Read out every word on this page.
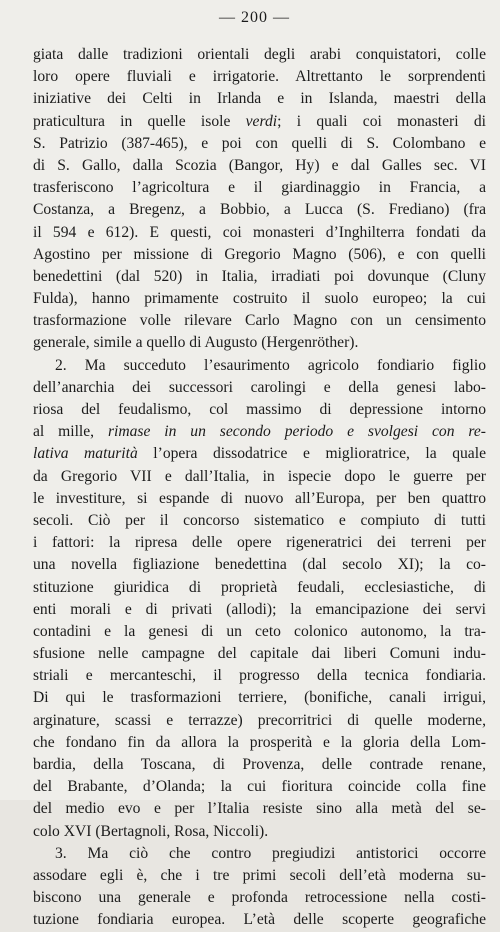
— 200 —
giata dalle tradizioni orientali degli arabi conquistatori, colle
loro opere fluviali e irrigatorie. Altrettanto le sorprendenti
iniziative dei Celti in Irlanda e in Islanda, maestri della
praticultura in quelle isole verdi; i quali coi monasteri di
S. Patrizio (387-465), e poi con quelli di S. Colombano e
di S. Gallo, dalla Scozia (Bangor, Hy) e dal Galles sec. VI
trasferiscono l’agricoltura e il giardinaggio in Francia, a
Costanza, a Bregenz, a Bobbio, a Lucca (S. Frediano) (fra
il 594 e 612). E questi, coi monasteri d’Inghilterra fondati da
Agostino per missione di Gregorio Magno (506), e con quelli
benedettini (dal 520) in Italia, irradiati poi dovunque (Cluny
Fulda), hanno primamente costruito il suolo europeo; la cui
trasformazione volle rilevare Carlo Magno con un censimento
generale, simile a quello di Augusto (Hergenröther).
2. Ma succeduto l’esaurimento agricolo fondiario figlio
dell’anarchia dei successori carolingi e della genesi labo-
riosa del feudalismo, col massimo di depressione intorno
al mille, rimase in un secondo periodo e svolgesi con re-
lativa maturità l’opera dissodatrice e miglioratrice, la quale
da Gregorio VII e dall’Italia, in ispecie dopo le guerre per
le investiture, si espande di nuovo all’Europa, per ben quattro
secoli. Ciò per il concorso sistematico e compiuto di tutti
i fattori: la ripresa delle opere rigeneratrici dei terreni per
una novella figliazione benedettina (dal secolo XI); la co-
stituzione giuridica di proprietà feudali, ecclesiastiche, di
enti morali e di privati (allodi); la emancipazione dei servi
contadini e la genesi di un ceto colonico autonomo, la tra-
sfusione nelle campagne del capitale dai liberi Comuni indu-
striali e mercanteschi, il progresso della tecnica fondiaria.
Di qui le trasformazioni terriere, (bonifiche, canali irrigui,
arginature, scassi e terrazze) precorritrici di quelle moderne,
che fondano fin da allora la prosperità e la gloria della Lom-
bardia, della Toscana, di Provenza, delle contrade renane,
del Brabante, d’Olanda; la cui fioritura coincide colla fine
del medio evo e per l’Italia resiste sino alla metà del se-
colo XVI (Bertagnoli, Rosa, Niccoli).
3. Ma ciò che contro pregiudizi antistorici occorre
assodare egli è, che i tre primi secoli dell’età moderna su-
biscono una generale e profonda retrocessione nella costi-
tuzione fondiaria europea. L’età delle scoperte geografiche
